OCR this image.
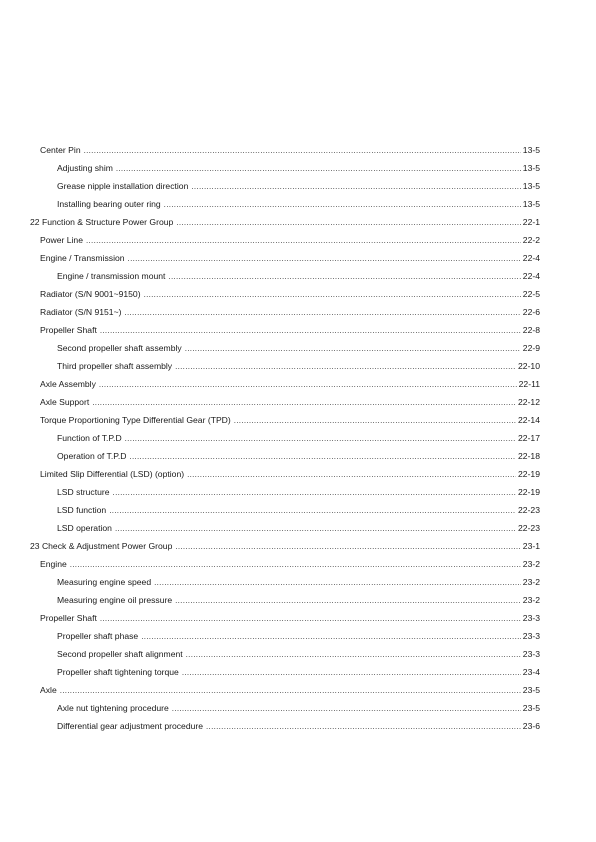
Center Pin .....	13-5
Adjusting shim .....	13-5
Grease nipple installation direction .....	13-5
Installing bearing outer ring .....	13-5
22 Function & Structure Power Group .....	22-1
Power Line .....	22-2
Engine / Transmission .....	22-4
Engine / transmission mount .....	22-4
Radiator (S/N 9001~9150) .....	22-5
Radiator (S/N 9151~) .....	22-6
Propeller Shaft .....	22-8
Second propeller shaft assembly .....	22-9
Third propeller shaft assembly .....	22-10
Axle Assembly .....	22-11
Axle Support .....	22-12
Torque Proportioning Type Differential Gear (TPD) .....	22-14
Function of T.P.D .....	22-17
Operation of T.P.D .....	22-18
Limited Slip Differential (LSD) (option) .....	22-19
LSD structure .....	22-19
LSD function .....	22-23
LSD operation .....	22-23
23 Check & Adjustment Power Group .....	23-1
Engine .....	23-2
Measuring engine speed .....	23-2
Measuring engine oil pressure .....	23-2
Propeller Shaft .....	23-3
Propeller shaft phase .....	23-3
Second propeller shaft alignment .....	23-3
Propeller shaft tightening torque .....	23-4
Axle .....	23-5
Axle nut tightening procedure .....	23-5
Differential gear adjustment procedure .....	23-6
